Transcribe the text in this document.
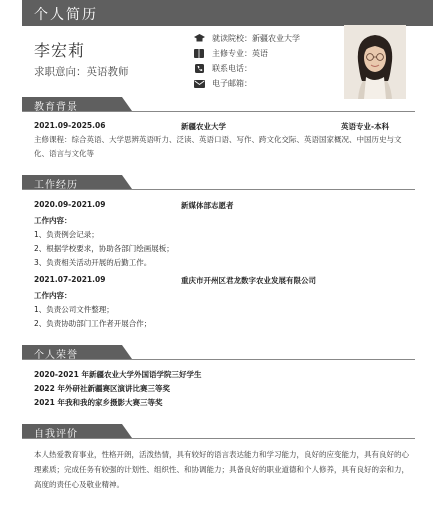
个人简历
李宏莉
求职意向：英语教师
就读院校：新疆农业大学
主修专业：英语
联系电话：
电子邮箱：
教育背景
2021.09-2025.06	新疆农业大学	英语专业-本科
主修课程：综合英语、大学思辨英语听力、泛读、英语口语、写作、跨文化交际、英语国家概况、中国历史与文化、语言与文化等
工作经历
2020.09-2021.09	新媒体部志愿者
工作内容：
1、负责例会记录；
2、根据学校要求，协助各部门绘画展板；
3、负责相关活动开展的后勤工作。
2021.07-2021.09	重庆市开州区君龙数字农业发展有限公司
工作内容：
1、负责公司文件整理；
2、负责协助部门工作者开展合作；
个人荣誉
2020-2021 年新疆农业大学外国语学院三好学生
2022 年外研社新疆赛区演讲比赛三等奖
2021 年我和我的家乡摄影大赛三等奖
自我评价
本人热爱教育事业，性格开朗，活泼热情，具有较好的语言表达能力和学习能力，良好的应变能力，具有良好的心理素质；完成任务有较强的计划性、组织性、和协调能力；具备良好的职业道德和个人修养，具有良好的亲和力，高度的责任心及敬业精神。
